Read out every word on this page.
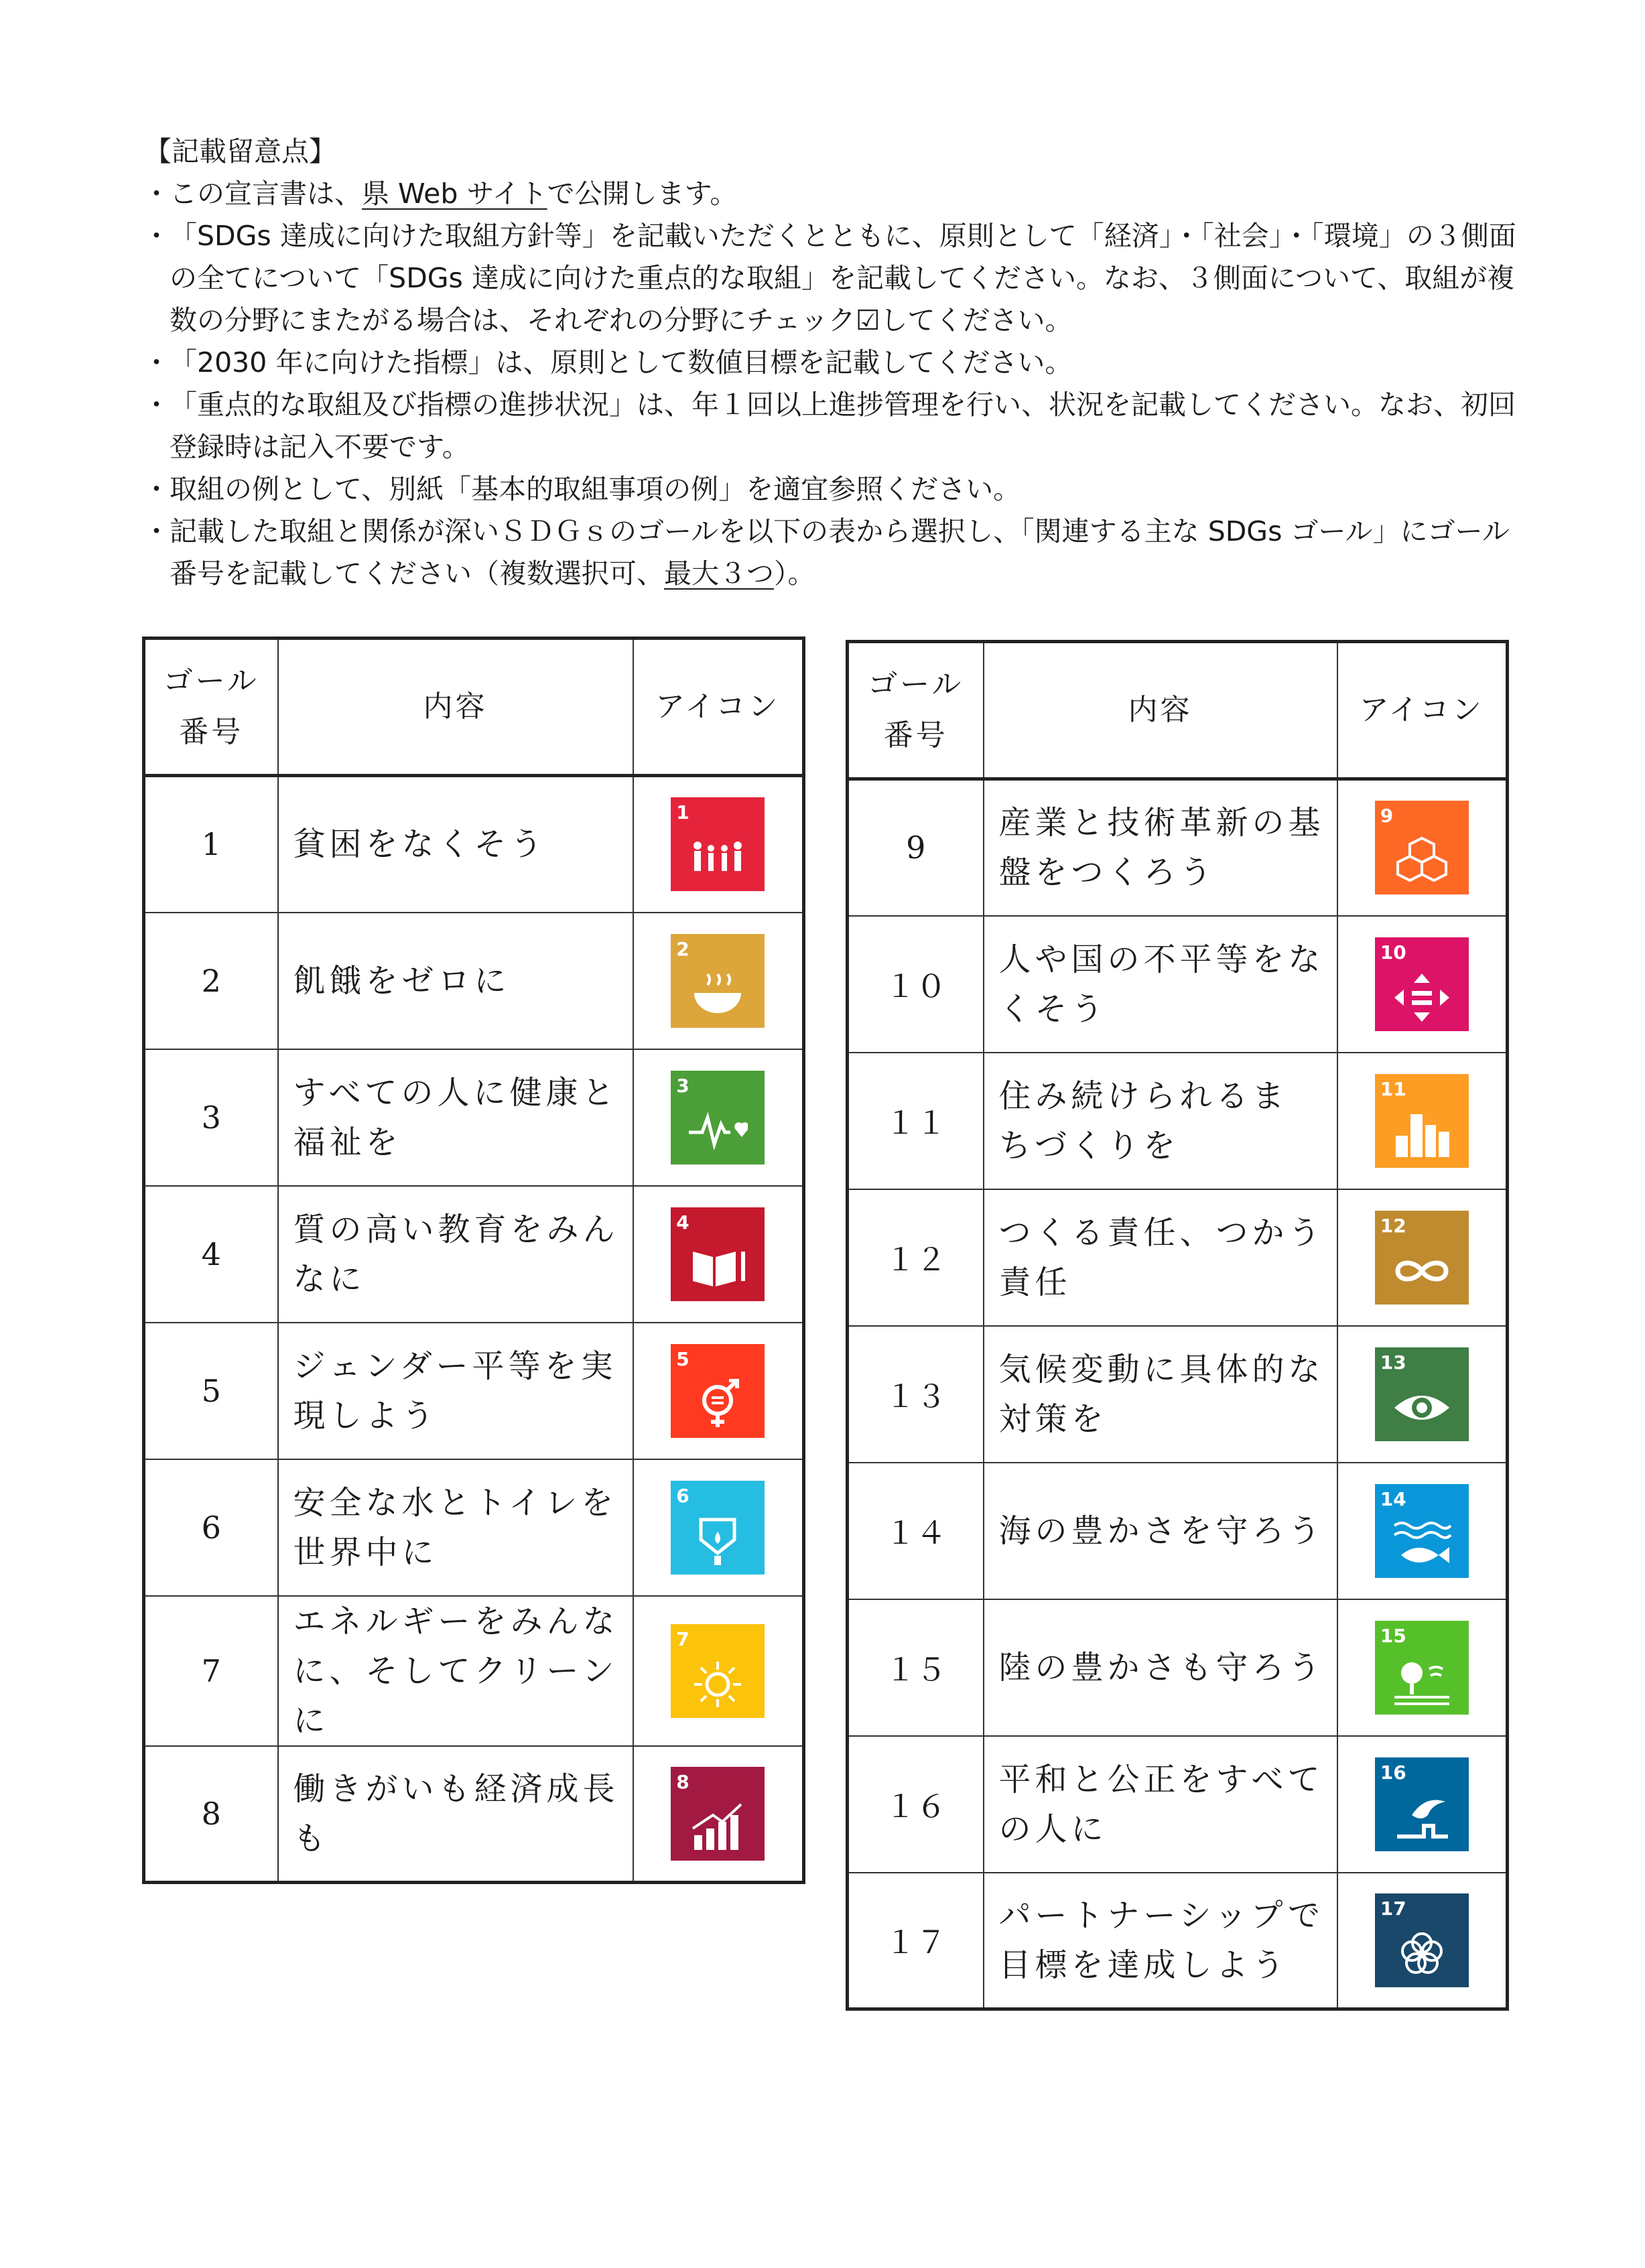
【記載留意点】
・ この宣言書は、県 Web サイトで公開します。
・ 「SDGs 達成に向けた取組方針等」を記載いただくとともに、原則として「経済」・「社会」・「環境」の３側面の全てについて「SDGs 達成に向けた重点的な取組」を記載してください。なお、３側面について、取組が複数の分野にまたがる場合は、それぞれの分野にチェック☑してください。
・ 「2030 年に向けた指標」は、原則として数値目標を記載してください。
・ 「重点的な取組及び指標の進捗状況」は、年１回以上進捗管理を行い、状況を記載してください。なお、初回登録時は記入不要です。
・ 取組の例として、別紙「基本的取組事項の例」を適宜参照ください。
・ 記載した取組と関係が深いＳＤＧｓのゴールを以下の表から選択し、「関連する主な SDGs ゴール」にゴール番号を記載してください（複数選択可、最大３つ）。
ゴール
番号	内容	アイコン
1	貧困をなくそう	1

2	飢餓をゼロに	2

3	すべての人に健康と福祉を	3

4	質の高い教育をみんなに	4

5	ジェンダー平等を実現しよう	5

6	安全な水とトイレを世界中に	6

7	エネルギーをみんなに、そしてクリーンに	7

8	働きがいも経済成長も	8
ゴール
番号	内容	アイコン
9	産業と技術革新の基盤をつくろう	9

１０	人や国の不平等をなくそう	10

１１	住み続けられるまちづくりを	11

１２	つくる責任、つかう責任	12

１３	気候変動に具体的な対策を	13

１４	海の豊かさを守ろう	14

１５	陸の豊かさも守ろう	15

１６	平和と公正をすべての人に	16

１７	パートナーシップで目標を達成しよう	17
